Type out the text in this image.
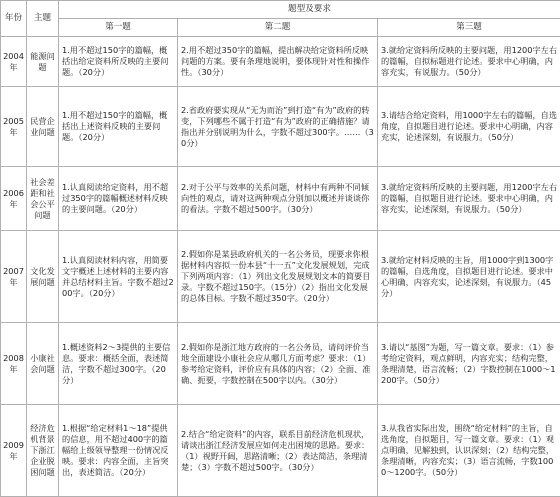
年份	主题	题型及要求		
		第一题	第二题	第三题
2004年	能源问题	1.用不超过150字的篇幅，概括出给定资料所反映的主要问题。（20分）	2.用不超过350字的篇幅，提出解决给定资料所反映问题的方案。要有条理地说明，要体现针对性和操作性。（30分）	3.就给定资料所反映的主要问题，用1200字左右的篇幅，自拟标题进行论述。要求中心明确，内容充实，有说服力。（50分）
2005年	民营企业问题	1.用不超过150字的篇幅，概括出上述资料反映的主要问题。（20分）	2.省政府要实现从“无为而治”到打造“有为”政府的转变，下列哪些不属于打造“有为”政府的正确措施？请指出并分别说明为什么，字数不超过300字。……（30分）	3.请结合给定资料，用1000字左右的篇幅，自选角度，自拟题目进行论述。要求中心明确，内容充实，论述深刻，有说服力。（50分）
2006年	社会差距和社会公平问题	1.认真阅读给定资料，用不超过350字的篇幅概述材料反映的主要问题。（20分）	2.对于公平与效率的关系问题，材料中有两种不同倾向性的观点，请对这两种观点分别加以概述并谈谈你的看法。字数不超过500字。（30分）	3.就给定资料所反映的主要问题，用1200字左右的篇幅，自拟题目进行论述。要求中心明确，内容充实，论述深刻，有说服力。（50分）
2007年	文化发展问题	1.认真阅读材料内容，用简要文字概述上述材料的主要内容并总结材料主旨。字数不超过200字。（20分）	2.假如你是某县政府机关的一名公务员，现要求你根据材料内容拟一份本县“十一五”文化发展规划，完成下列两项内容：（1）列出文化发展规划文本的简要目录。字数不超过150字。（15分）（2）指出文化发展的总体目标。字数不超过350字。（20分）	3.就给定材料反映的主旨，用1000字到1300字的篇幅，自选角度，自拟题目进行论述。要求中心明确，内容充实，论述深刻，有说服力。（45分）
2008年	小康社会问题	1.概述资料2～3提供的主要信息。要求：概括全面，表述简洁，字数不超过300字。（20分）	2.假如你是浙江地方政府的一名公务员，请问评价当地全面建设小康社会应从哪几方面考虑？要求：（1）参考给定资料，评价应有具体的内容；（2）全面、准确、扼要，字数控制在500字以内。（30分）	3.请以“基图”为题，写一篇文章。要求：（1）参考给定资料，观点鲜明，内容充实；结构完整，条理清楚，语言流畅；（2）字数控制在1000～1200字。（50分）
2009年	经济危机背景下浙江企业脱困问题	1.根据“给定材料1～18”提供的信息，用不超过400字的篇幅给上级领导整理一份情况反映。要求：内容全面，主旨突出，表述简洁。（20分）	2.结合“给定资料”的内容，联系目前经济危机现状，请谈出浙江经济发展应如何走出困境的思路。要求：（1）视野开阔，思路清晰；（2）表达简洁，条理清楚；（3）字数不超过500字。（30分）	3.从我省实际出发，围绕“给定材料”的主旨，自选角度，自拟题目，写一篇文章。要求：（1）观点明确，见解独到，认识深刻；（2）结构完整，条理清晰，内容充实；（3）语言流畅，字数1000～1200字。（50分）
